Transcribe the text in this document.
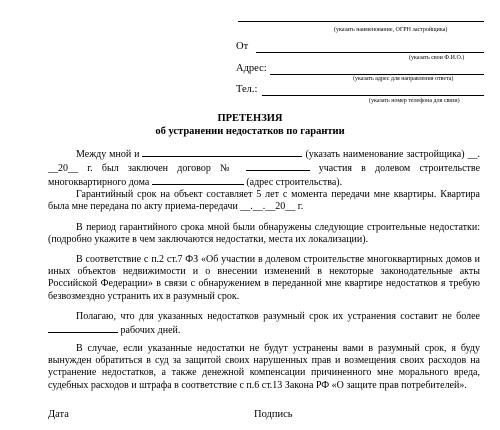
(указать наименование, ОГРН застройщика)
От
(указать свои Ф.И.О.)
Адрес:
(указать адрес для направления ответа)
Тел.:
(указать номер телефона для связи)
ПРЕТЕНЗИЯ
об устранении недостатков по гарантии
Между мной и	(указать наименование застройщика) __. __20__ г. был заключен договор №	участия в долевом строительстве многоквартирного дома	(адрес строительства).
Гарантийный срок на объект составляет 5 лет с момента передачи мне квартиры. Квартира была мне передана по акту приема-передачи __.__.__20__ г.
В период гарантийного срока мной были обнаружены следующие строительные недостатки: (подробно укажите в чем заключаются недостатки, места их локализации).
В соответствие с п.2 ст.7 ФЗ «Об участии в долевом строительстве многоквартирных домов и иных объектов недвижимости и о внесении изменений в некоторые законодательные акты Российской Федерации» в связи с обнаружением в переданной мне квартире недостатков я требую безвозмездно устранить их в разумный срок.
Полагаю, что для указанных недостатков разумный срок их устранения составит не более  рабочих дней.
В случае, если указанные недостатки не будут устранены вами в разумный срок, я буду вынужден обратиться в суд за защитой своих нарушенных прав и возмещения своих расходов на устранение недостатков, а также денежной компенсации причиненного мне морального вреда, судебных расходов и штрафа в соответствие с п.6 ст.13 Закона РФ «О защите прав потребителей».
Дата	Подпись
